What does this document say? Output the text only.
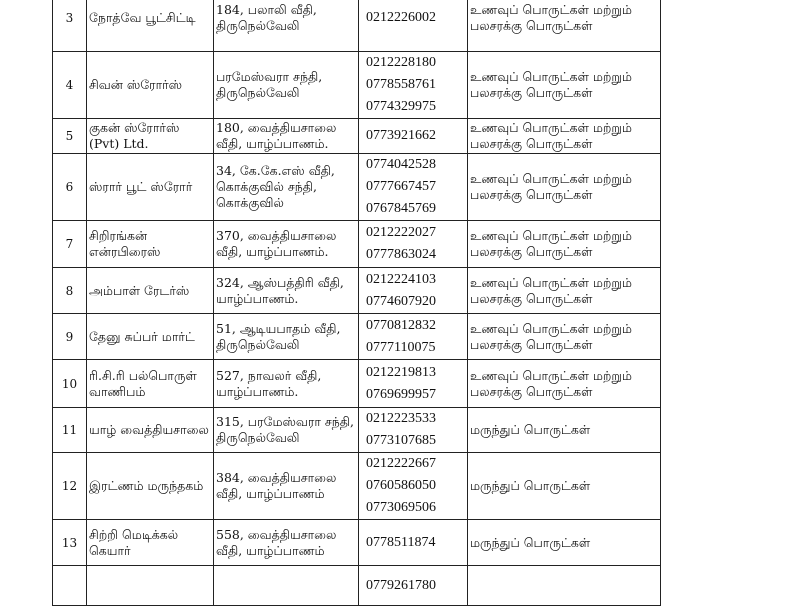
3	நோத்வே பூட்சிட்டி	184, பலாலி வீதி,
திருநெல்வேலி	0212226002	உணவுப் பொருட்கள் மற்றும்
பலசரக்கு பொருட்கள்

4	சிவன் ஸ்ரோர்ஸ்	பரமேஸ்வரா சந்தி,
திருநெல்வேலி	0212228180
0778558761
0774329975	உணவுப் பொருட்கள் மற்றும்
பலசரக்கு பொருட்கள்

5	குகன் ஸ்ரோர்ஸ்
(Pvt) Ltd.	180, வைத்தியசாலை
வீதி, யாழ்ப்பாணம்.	0773921662	உணவுப் பொருட்கள் மற்றும்
பலசரக்கு பொருட்கள்

6	ஸ்ரார் பூட் ஸ்ரோர்	34, கே.கே.எஸ் வீதி,
கொக்குவில் சந்தி,
கொக்குவில்	0774042528
0777667457
0767845769	உணவுப் பொருட்கள் மற்றும்
பலசரக்கு பொருட்கள்

7	சிறிரங்கன்
என்ரபிரைஸ்	370, வைத்தியசாலை
வீதி, யாழ்ப்பாணம்.	0212222027
0777863024	உணவுப் பொருட்கள் மற்றும்
பலசரக்கு பொருட்கள்

8	அம்பாள் ரேடர்ஸ்	324, ஆஸ்பத்திரி வீதி,
யாழ்ப்பாணம்.	0212224103
0774607920	உணவுப் பொருட்கள் மற்றும்
பலசரக்கு பொருட்கள்

9	தேனு சுப்பர் மார்ட்	51, ஆடியபாதம் வீதி,
திருநெல்வேலி	0770812832
0777110075	உணவுப் பொருட்கள் மற்றும்
பலசரக்கு பொருட்கள்

10	ரி.சி.ரி பல்பொருள்
வாணிபம்	527, நாவலர் வீதி,
யாழ்ப்பாணம்.	0212219813
0769699957	உணவுப் பொருட்கள் மற்றும்
பலசரக்கு பொருட்கள்

11	யாழ் வைத்தியசாலை	315, பரமேஸ்வரா சந்தி,
திருநெல்வேலி	0212223533
0773107685	மருந்துப் பொருட்கள்

12	இரட்ணம் மருந்தகம்	384, வைத்தியசாலை
வீதி, யாழ்ப்பாணம்	0212222667
0760586050
0773069506	மருந்துப் பொருட்கள்

13	சிற்றி மெடிக்கல்
கெயார்	558, வைத்தியசாலை
வீதி, யாழ்ப்பாணம்	0778511874	மருந்துப் பொருட்கள்

			0779261780	
